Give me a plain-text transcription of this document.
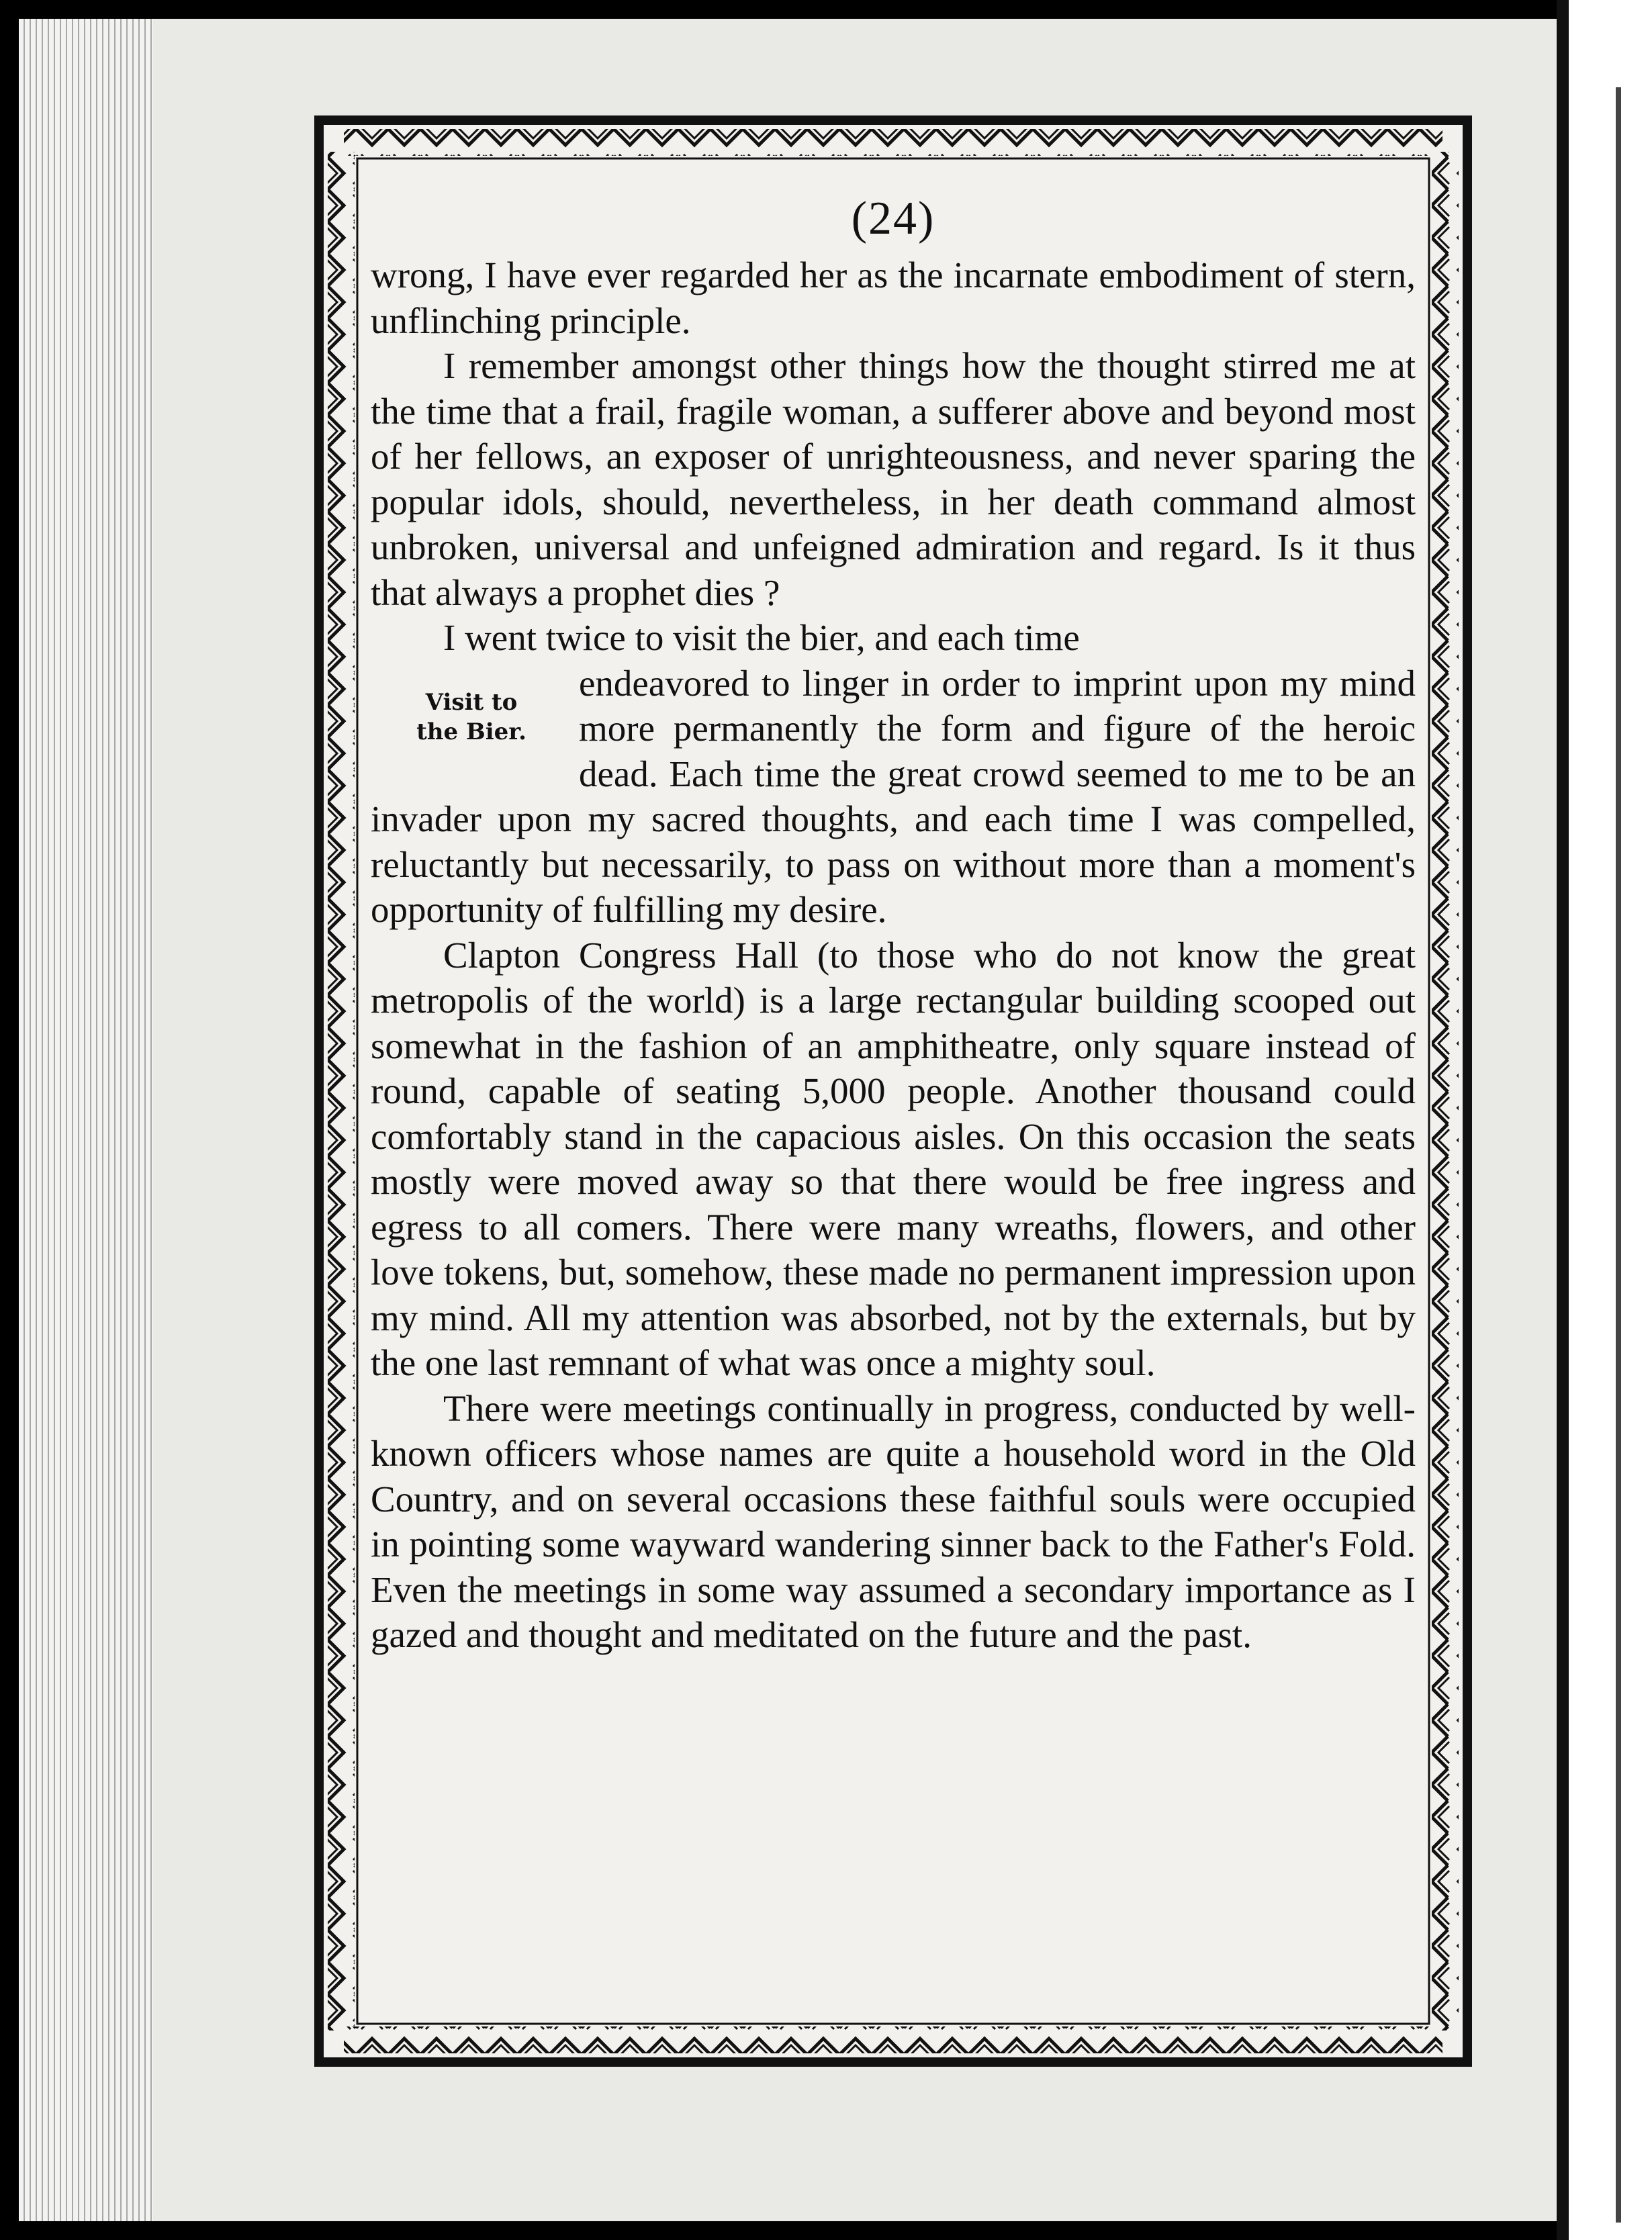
(24)

wrong, I have ever regarded her as the incarnate embodiment of stern, unflinching principle.

I remember amongst other things how the thought stirred me at the time that a frail, fragile woman, a sufferer above and beyond most of her fellows, an exposer of unrighteousness, and never sparing the popular idols, should, nevertheless, in her death command almost unbroken, universal and unfeigned admiration and regard. Is it thus that always a prophet dies ?

I went twice to visit the bier, and each time

Visit to
the Bier.

endeavored to linger in order to imprint upon my mind more permanently the form and figure of the heroic dead. Each time the great crowd seemed to me to be an invader upon my sacred thoughts, and each time I was compelled, reluctantly but necessarily, to pass on without more than a moment's opportunity of fulfilling my desire.

Clapton Congress Hall (to those who do not know the great metropolis of the world) is a large rectangular building scooped out somewhat in the fashion of an amphitheatre, only square instead of round, capable of seating 5,000 people. Another thousand could comfortably stand in the capacious aisles. On this occasion the seats mostly were moved away so that there would be free ingress and egress to all comers. There were many wreaths, flowers, and other love tokens, but, somehow, these made no permanent impression upon my mind. All my attention was absorbed, not by the externals, but by the one last remnant of what was once a mighty soul.

There were meetings continually in progress, conducted by well-known officers whose names are quite a household word in the Old Country, and on several occasions these faithful souls were occupied in pointing some wayward wandering sinner back to the Father's Fold. Even the meetings in some way assumed a secondary importance as I gazed and thought and meditated on the future and the past.
